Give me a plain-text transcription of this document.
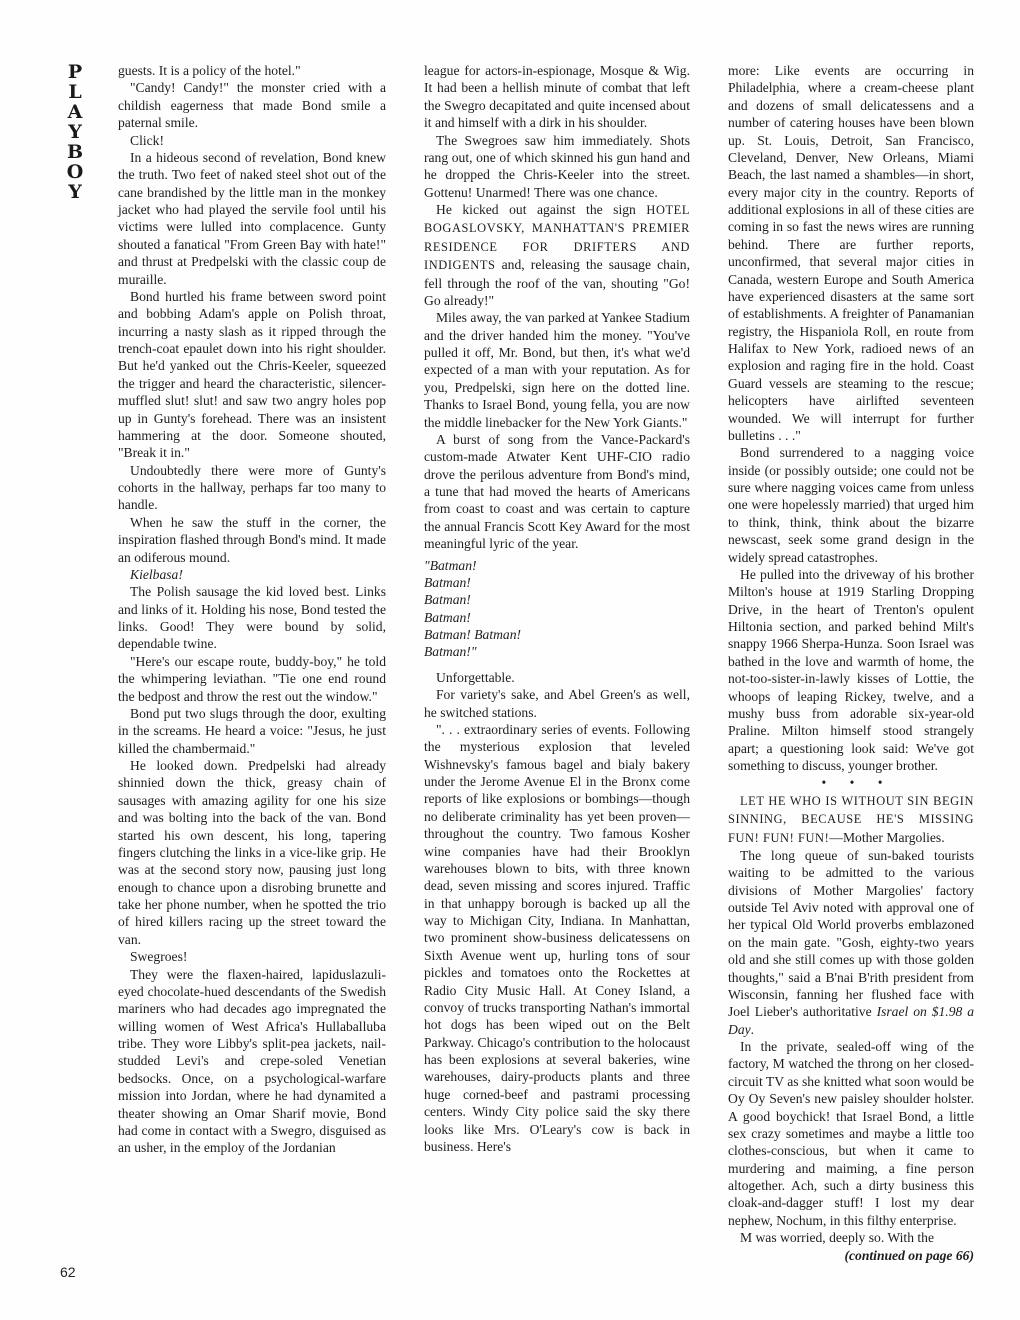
P
L
A
Y
B
O
Y
62

guests. It is a policy of the hotel."

"Candy! Candy!" the monster cried with a childish eagerness that made Bond smile a paternal smile.

Click!

In a hideous second of revelation, Bond knew the truth. Two feet of naked steel shot out of the cane brandished by the little man in the monkey jacket who had played the servile fool until his victims were lulled into complacence. Gunty shouted a fanatical "From Green Bay with hate!" and thrust at Predpelski with the classic coup de muraille.

Bond hurtled his frame between sword point and bobbing Adam's apple on Polish throat, incurring a nasty slash as it ripped through the trench-coat epaulet down into his right shoulder. But he'd yanked out the Chris-Keeler, squeezed the trigger and heard the characteristic, silencer-muffled slut! slut! and saw two angry holes pop up in Gunty's forehead. There was an insistent hammering at the door. Someone shouted, "Break it in."

Undoubtedly there were more of Gunty's cohorts in the hallway, perhaps far too many to handle.

When he saw the stuff in the corner, the inspiration flashed through Bond's mind. It made an odiferous mound.

Kielbasa!

The Polish sausage the kid loved best. Links and links of it. Holding his nose, Bond tested the links. Good! They were bound by solid, dependable twine.

"Here's our escape route, buddy-boy," he told the whimpering leviathan. "Tie one end round the bedpost and throw the rest out the window."

Bond put two slugs through the door, exulting in the screams. He heard a voice: "Jesus, he just killed the chambermaid."

He looked down. Predpelski had already shinnied down the thick, greasy chain of sausages with amazing agility for one his size and was bolting into the back of the van. Bond started his own descent, his long, tapering fingers clutching the links in a vice-like grip. He was at the second story now, pausing just long enough to chance upon a disrobing brunette and take her phone number, when he spotted the trio of hired killers racing up the street toward the van.

Swegroes!

They were the flaxen-haired, lapiduslazuli-eyed chocolate-hued descendants of the Swedish mariners who had decades ago impregnated the willing women of West Africa's Hullaballuba tribe. They wore Libby's split-pea jackets, nail-studded Levi's and crepe-soled Venetian bedsocks. Once, on a psychological-warfare mission into Jordan, where he had dynamited a theater showing an Omar Sharif movie, Bond had come in contact with a Swegro, disguised as an usher, in the employ of the Jordanian

league for actors-in-espionage, Mosque & Wig. It had been a hellish minute of combat that left the Swegro decapitated and quite incensed about it and himself with a dirk in his shoulder.

The Swegroes saw him immediately. Shots rang out, one of which skinned his gun hand and he dropped the Chris-Keeler into the street. Gottenu! Unarmed! There was one chance.

He kicked out against the sign HOTEL BOGASLOVSKY, MANHATTAN'S PREMIER RESIDENCE FOR DRIFTERS AND INDIGENTS and, releasing the sausage chain, fell through the roof of the van, shouting "Go! Go already!"

Miles away, the van parked at Yankee Stadium and the driver handed him the money. "You've pulled it off, Mr. Bond, but then, it's what we'd expected of a man with your reputation. As for you, Predpelski, sign here on the dotted line. Thanks to Israel Bond, young fella, you are now the middle linebacker for the New York Giants."

A burst of song from the Vance-Packard's custom-made Atwater Kent UHF-CIO radio drove the perilous adventure from Bond's mind, a tune that had moved the hearts of Americans from coast to coast and was certain to capture the annual Francis Scott Key Award for the most meaningful lyric of the year.

"Batman!
Batman!
Batman!
Batman!
Batman! Batman!
Batman!"

Unforgettable.

For variety's sake, and Abel Green's as well, he switched stations.

". . . extraordinary series of events. Following the mysterious explosion that leveled Wishnevsky's famous bagel and bialy bakery under the Jerome Avenue El in the Bronx come reports of like explosions or bombings—though no deliberate criminality has yet been proven—throughout the country. Two famous Kosher wine companies have had their Brooklyn warehouses blown to bits, with three known dead, seven missing and scores injured. Traffic in that unhappy borough is backed up all the way to Michigan City, Indiana. In Manhattan, two prominent show-business delicatessens on Sixth Avenue went up, hurling tons of sour pickles and tomatoes onto the Rockettes at Radio City Music Hall. At Coney Island, a convoy of trucks transporting Nathan's immortal hot dogs has been wiped out on the Belt Parkway. Chicago's contribution to the holocaust has been explosions at several bakeries, wine warehouses, dairy-products plants and three huge corned-beef and pastrami processing centers. Windy City police said the sky there looks like Mrs. O'Leary's cow is back in business. Here's

more: Like events are occurring in Philadelphia, where a cream-cheese plant and dozens of small delicatessens and a number of catering houses have been blown up. St. Louis, Detroit, San Francisco, Cleveland, Denver, New Orleans, Miami Beach, the last named a shambles—in short, every major city in the country. Reports of additional explosions in all of these cities are coming in so fast the news wires are running behind. There are further reports, unconfirmed, that several major cities in Canada, western Europe and South America have experienced disasters at the same sort of establishments. A freighter of Panamanian registry, the Hispaniola Roll, en route from Halifax to New York, radioed news of an explosion and raging fire in the hold. Coast Guard vessels are steaming to the rescue; helicopters have airlifted seventeen wounded. We will interrupt for further bulletins . . ."

Bond surrendered to a nagging voice inside (or possibly outside; one could not be sure where nagging voices came from unless one were hopelessly married) that urged him to think, think, think about the bizarre newscast, seek some grand design in the widely spread catastrophes.

He pulled into the driveway of his brother Milton's house at 1919 Starling Dropping Drive, in the heart of Trenton's opulent Hiltonia section, and parked behind Milt's snappy 1966 Sherpa-Hunza. Soon Israel was bathed in the love and warmth of home, the not-too-sister-in-lawly kisses of Lottie, the whoops of leaping Rickey, twelve, and a mushy buss from adorable six-year-old Praline. Milton himself stood strangely apart; a questioning look said: We've got something to discuss, younger brother.

• • •

LET HE WHO IS WITHOUT SIN BEGIN SINNING, BECAUSE HE'S MISSING FUN! FUN! FUN!—Mother Margolies.

The long queue of sun-baked tourists waiting to be admitted to the various divisions of Mother Margolies' factory outside Tel Aviv noted with approval one of her typical Old World proverbs emblazoned on the main gate. "Gosh, eighty-two years old and she still comes up with those golden thoughts," said a B'nai B'rith president from Wisconsin, fanning her flushed face with Joel Lieber's authoritative Israel on $1.98 a Day.

In the private, sealed-off wing of the factory, M watched the throng on her closed-circuit TV as she knitted what soon would be Oy Oy Seven's new paisley shoulder holster. A good boychick! that Israel Bond, a little sex crazy sometimes and maybe a little too clothes-conscious, but when it came to murdering and maiming, a fine person altogether. Ach, such a dirty business this cloak-and-dagger stuff! I lost my dear nephew, Nochum, in this filthy enterprise.

M was worried, deeply so. With the

(continued on page 66)
